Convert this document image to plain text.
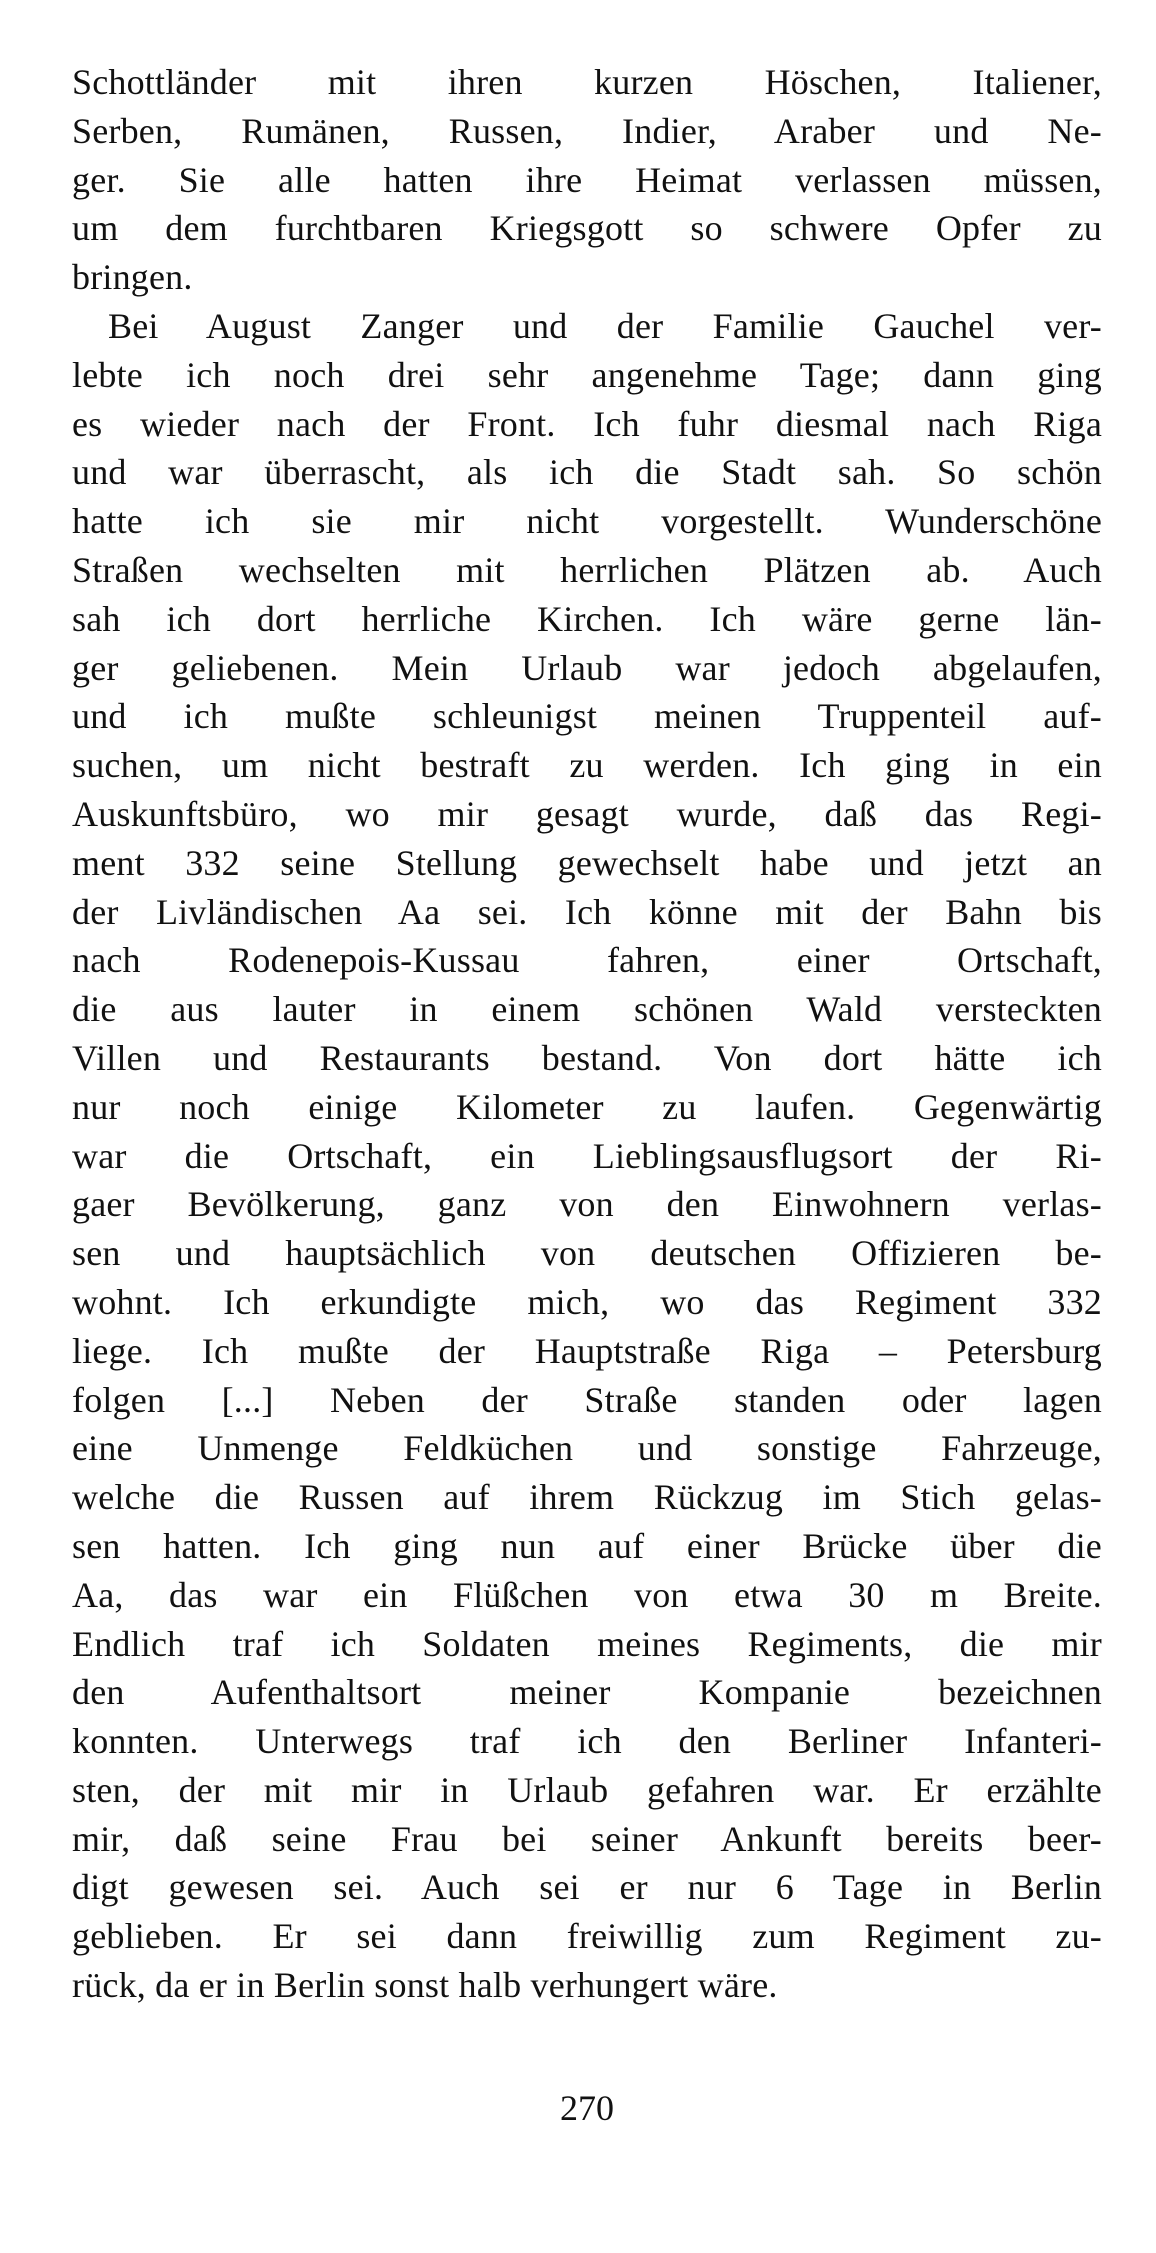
Schottländer mit ihren kurzen Höschen, Italiener,
Serben, Rumänen, Russen, Indier, Araber und Ne-
ger. Sie alle hatten ihre Heimat verlassen müssen,
um dem furchtbaren Kriegsgott so schwere Opfer zu
bringen.
Bei August Zanger und der Familie Gauchel ver-
lebte ich noch drei sehr angenehme Tage; dann ging
es wieder nach der Front. Ich fuhr diesmal nach Riga
und war überrascht, als ich die Stadt sah. So schön
hatte ich sie mir nicht vorgestellt. Wunderschöne
Straßen wechselten mit herrlichen Plätzen ab. Auch
sah ich dort herrliche Kirchen. Ich wäre gerne län-
ger geliebenen. Mein Urlaub war jedoch abgelaufen,
und ich mußte schleunigst meinen Truppenteil auf-
suchen, um nicht bestraft zu werden. Ich ging in ein
Auskunftsbüro, wo mir gesagt wurde, daß das Regi-
ment 332 seine Stellung gewechselt habe und jetzt an
der Livländischen Aa sei. Ich könne mit der Bahn bis
nach Rodenepois-Kussau fahren, einer Ortschaft,
die aus lauter in einem schönen Wald versteckten
Villen und Restaurants bestand. Von dort hätte ich
nur noch einige Kilometer zu laufen. Gegenwärtig
war die Ortschaft, ein Lieblingsausflugsort der Ri-
gaer Bevölkerung, ganz von den Einwohnern verlas-
sen und hauptsächlich von deutschen Offizieren be-
wohnt. Ich erkundigte mich, wo das Regiment 332
liege. Ich mußte der Hauptstraße Riga – Petersburg
folgen [...] Neben der Straße standen oder lagen
eine Unmenge Feldküchen und sonstige Fahrzeuge,
welche die Russen auf ihrem Rückzug im Stich gelas-
sen hatten. Ich ging nun auf einer Brücke über die
Aa, das war ein Flüßchen von etwa 30 m Breite.
Endlich traf ich Soldaten meines Regiments, die mir
den Aufenthaltsort meiner Kompanie bezeichnen
konnten. Unterwegs traf ich den Berliner Infanteri-
sten, der mit mir in Urlaub gefahren war. Er erzählte
mir, daß seine Frau bei seiner Ankunft bereits beer-
digt gewesen sei. Auch sei er nur 6 Tage in Berlin
geblieben. Er sei dann freiwillig zum Regiment zu-
rück, da er in Berlin sonst halb verhungert wäre.
270
